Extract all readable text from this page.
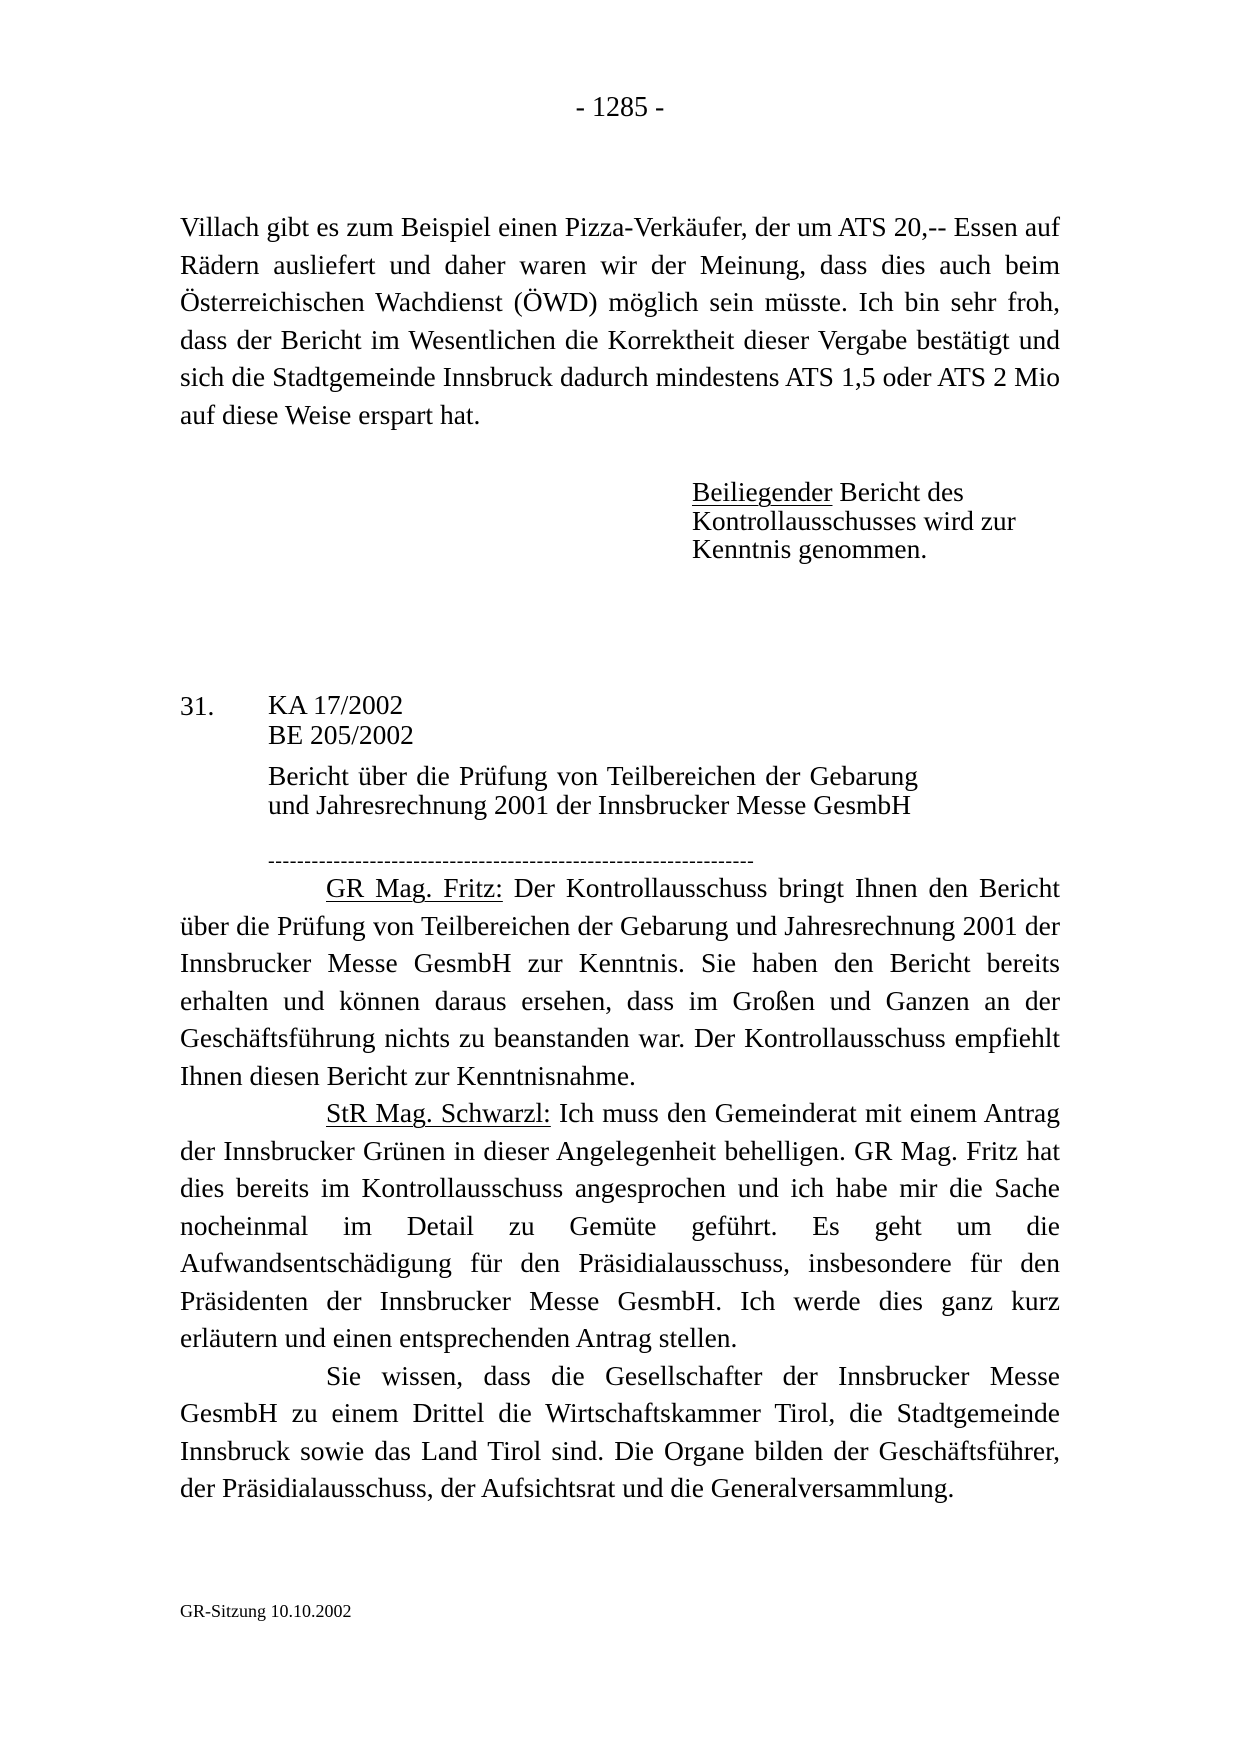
- 1285 -

Villach gibt es zum Beispiel einen Pizza-Verkäufer, der um ATS 20,-- Essen auf Rädern ausliefert und daher waren wir der Meinung, dass dies auch beim Österreichischen Wachdienst (ÖWD) möglich sein müsste. Ich bin sehr froh, dass der Bericht im Wesentlichen die Korrektheit dieser Vergabe bestätigt und sich die Stadtgemeinde Innsbruck dadurch mindestens ATS 1,5 oder ATS 2 Mio auf diese Weise erspart hat.

Beiliegender Bericht des Kontrollausschusses wird zur Kenntnis genommen.
31. KA 17/2002
BE 205/2002
Bericht über die Prüfung von Teilbereichen der Gebarung und Jahresrechnung 2001 der Innsbrucker Messe GesmbH
-------------------------------------------------------------------

GR Mag. Fritz: Der Kontrollausschuss bringt Ihnen den Bericht über die Prüfung von Teilbereichen der Gebarung und Jahresrechnung 2001 der Innsbrucker Messe GesmbH zur Kenntnis. Sie haben den Bericht bereits erhalten und können daraus ersehen, dass im Großen und Ganzen an der Geschäftsführung nichts zu beanstanden war. Der Kontrollausschuss empfiehlt Ihnen diesen Bericht zur Kenntnisnahme.

StR Mag. Schwarzl: Ich muss den Gemeinderat mit einem Antrag der Innsbrucker Grünen in dieser Angelegenheit behelligen. GR Mag. Fritz hat dies bereits im Kontrollausschuss angesprochen und ich habe mir die Sache nocheinmal im Detail zu Gemüte geführt. Es geht um die Aufwandsentschädigung für den Präsidialausschuss, insbesondere für den Präsidenten der Innsbrucker Messe GesmbH. Ich werde dies ganz kurz erläutern und einen entsprechenden Antrag stellen.

Sie wissen, dass die Gesellschafter der Innsbrucker Messe GesmbH zu einem Drittel die Wirtschaftskammer Tirol, die Stadtgemeinde Innsbruck sowie das Land Tirol sind. Die Organe bilden der Geschäftsführer, der Präsidialausschuss, der Aufsichtsrat und die Generalversammlung.

GR-Sitzung 10.10.2002
